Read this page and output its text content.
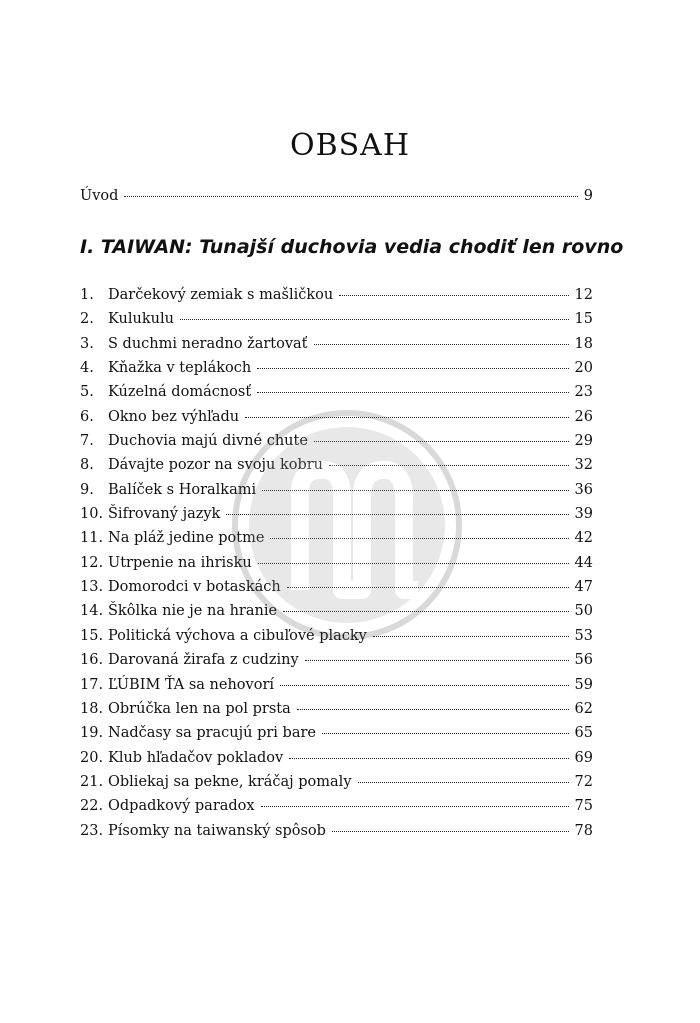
OBSAH
Úvod	9
I. TAIWAN: Tunajší duchovia vedia chodiť len rovno
1. Darčekový zemiak s mašličkou	12
2. Kulukulu	15
3. S duchmi neradno žartovať	18
4. Kňažka v teplákoch	20
5. Kúzelná domácnosť	23
6. Okno bez výhľadu	26
7. Duchovia majú divné chute	29
8. Dávajte pozor na svoju kobru	32
9. Balíček s Horalkami	36
10. Šifrovaný jazyk	39
11. Na pláž jedine potme	42
12. Utrpenie na ihrisku	44
13. Domorodci v botaskách	47
14. Škôlka nie je na hranie	50
15. Politická výchova a cibuľové placky	53
16. Darovaná žirafa z cudziny	56
17. ĽÚBIM ŤA sa nehovorí	59
18. Obrúčka len na pol prsta	62
19. Nadčasy sa pracujú pri bare	65
20. Klub hľadačov pokladov	69
21. Obliekaj sa pekne, kráčaj pomaly	72
22. Odpadkový paradox	75
23. Písomky na taiwanský spôsob	78
